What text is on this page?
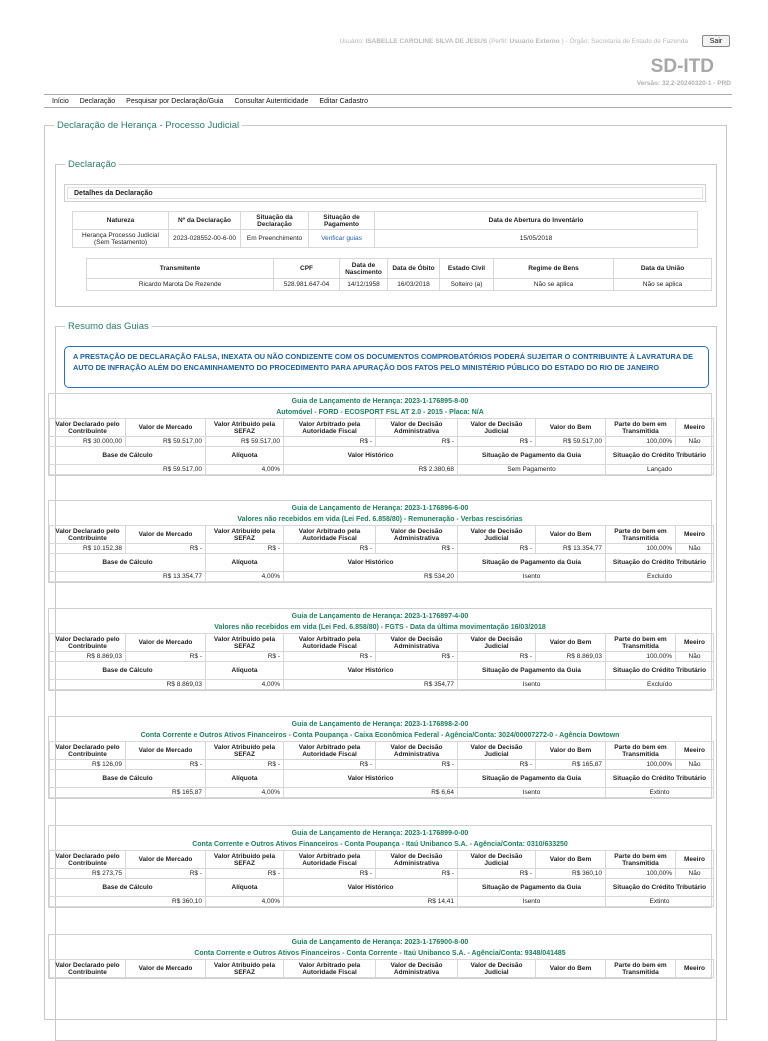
Usuário: ISABELLE CAROLINE SILVA DE JESUS (Perfil: Usuário Externo ) - Órgão: Secretaria de Estado de Fazenda	Sair
SD-ITD
Versão: 32.2-20240320-1 - PRD
Início Declaração Pesquisar por Declaração/Guia Consultar Autenticidade Editar Cadastro
Declaração de Herança - Processo Judicial
Declaração
Detalhes da Declaração
Natureza	Nº da Declaração	Situação da Declaração	Situação de Pagamento	Data de Abertura do Inventário
Herança Processo Judicial (Sem Testamento)	2023-028552-00-6-00	Em Preenchimento	Verificar guias	15/05/2018
Transmitente	CPF	Data de Nascimento	Data de Óbito	Estado Civil	Regime de Bens	Data da União
Ricardo Marota De Rezende	528.981.647-04	14/12/1958	16/03/2018	Solteiro (a)	Não se aplica	Não se aplica
Resumo das Guias
A PRESTAÇÃO DE DECLARAÇÃO FALSA, INEXATA OU NÃO CONDIZENTE COM OS DOCUMENTOS COMPROBATÓRIOS PODERÁ SUJEITAR O CONTRIBUINTE À LAVRATURA DE AUTO DE INFRAÇÃO ALÉM DO ENCAMINHAMENTO DO PROCEDIMENTO PARA APURAÇÃO DOS FATOS PELO MINISTÉRIO PÚBLICO DO ESTADO DO RIO DE JANEIRO
Guia de Lançamento de Herança: 2023-1-176895-8-00
Automóvel - FORD - ECOSPORT FSL AT 2.0 - 2015 - Placa: N/A
Valor Declarado pelo Contribuinte	Valor de Mercado	Valor Atribuído pela SEFAZ	Valor Arbitrado pela Autoridade Fiscal	Valor de Decisão Administrativa	Valor de Decisão Judicial	Valor do Bem	Parte do bem em Transmitida	Meeiro
R$ 30.000,00	R$ 59.517,00	R$ 59.517,00	R$ -	R$ -	R$ -	R$ 59.517,00	100,00%	Não
Base de Cálculo		Alíquota	Valor Histórico		Situação de Pagamento da Guia		Situação do Crédito Tributário	
R$ 59.517,00		4,00%	R$ 2.380,68		Sem Pagamento		Lançado	
Guia de Lançamento de Herança: 2023-1-176896-6-00
Valores não recebidos em vida (Lei Fed. 6.858/80) - Remuneração - Verbas rescisórias
Valor Declarado pelo Contribuinte	Valor de Mercado	Valor Atribuído pela SEFAZ	Valor Arbitrado pela Autoridade Fiscal	Valor de Decisão Administrativa	Valor de Decisão Judicial	Valor do Bem	Parte do bem em Transmitida	Meeiro
R$ 10.152,38	R$ -	R$ -	R$ -	R$ -	R$ -	R$ 13.354,77	100,00%	Não
Base de Cálculo		Alíquota	Valor Histórico		Situação de Pagamento da Guia		Situação do Crédito Tributário	
R$ 13.354,77		4,00%	R$ 534,20		Isento		Excluído	
Guia de Lançamento de Herança: 2023-1-176897-4-00
Valores não recebidos em vida (Lei Fed. 6.858/80) - FGTS - Data da última movimentação 16/03/2018
Valor Declarado pelo Contribuinte	Valor de Mercado	Valor Atribuído pela SEFAZ	Valor Arbitrado pela Autoridade Fiscal	Valor de Decisão Administrativa	Valor de Decisão Judicial	Valor do Bem	Parte do bem em Transmitida	Meeiro
R$ 8.869,03	R$ -	R$ -	R$ -	R$ -	R$ -	R$ 8.869,03	100,00%	Não
Base de Cálculo		Alíquota	Valor Histórico		Situação de Pagamento da Guia		Situação do Crédito Tributário	
R$ 8.869,03		4,00%	R$ 354,77		Isento		Excluído	
Guia de Lançamento de Herança: 2023-1-176898-2-00
Conta Corrente e Outros Ativos Financeiros - Conta Poupança - Caixa Econômica Federal - Agência/Conta: 3024/00007272-0 - Agência Dowtown
Valor Declarado pelo Contribuinte	Valor de Mercado	Valor Atribuído pela SEFAZ	Valor Arbitrado pela Autoridade Fiscal	Valor de Decisão Administrativa	Valor de Decisão Judicial	Valor do Bem	Parte do bem em Transmitida	Meeiro
R$ 126,09	R$ -	R$ -	R$ -	R$ -	R$ -	R$ 165,87	100,00%	Não
Base de Cálculo		Alíquota	Valor Histórico		Situação de Pagamento da Guia		Situação do Crédito Tributário	
R$ 165,87		4,00%	R$ 6,64		Isento		Extinto	
Guia de Lançamento de Herança: 2023-1-176899-0-00
Conta Corrente e Outros Ativos Financeiros - Conta Poupança - Itaú Unibanco S.A. - Agência/Conta: 0310/633250
Valor Declarado pelo Contribuinte	Valor de Mercado	Valor Atribuído pela SEFAZ	Valor Arbitrado pela Autoridade Fiscal	Valor de Decisão Administrativa	Valor de Decisão Judicial	Valor do Bem	Parte do bem em Transmitida	Meeiro
R$ 273,75	R$ -	R$ -	R$ -	R$ -	R$ -	R$ 360,10	100,00%	Não
Base de Cálculo		Alíquota	Valor Histórico		Situação de Pagamento da Guia		Situação do Crédito Tributário	
R$ 360,10		4,00%	R$ 14,41		Isento		Extinto	
Guia de Lançamento de Herança: 2023-1-176900-8-00
Conta Corrente e Outros Ativos Financeiros - Conta Corrente - Itaú Unibanco S.A. - Agência/Conta: 9348/041485
Valor Declarado pelo Contribuinte	Valor de Mercado	Valor Atribuído pela SEFAZ	Valor Arbitrado pela Autoridade Fiscal	Valor de Decisão Administrativa	Valor de Decisão Judicial	Valor do Bem	Parte do bem em Transmitida	Meeiro
